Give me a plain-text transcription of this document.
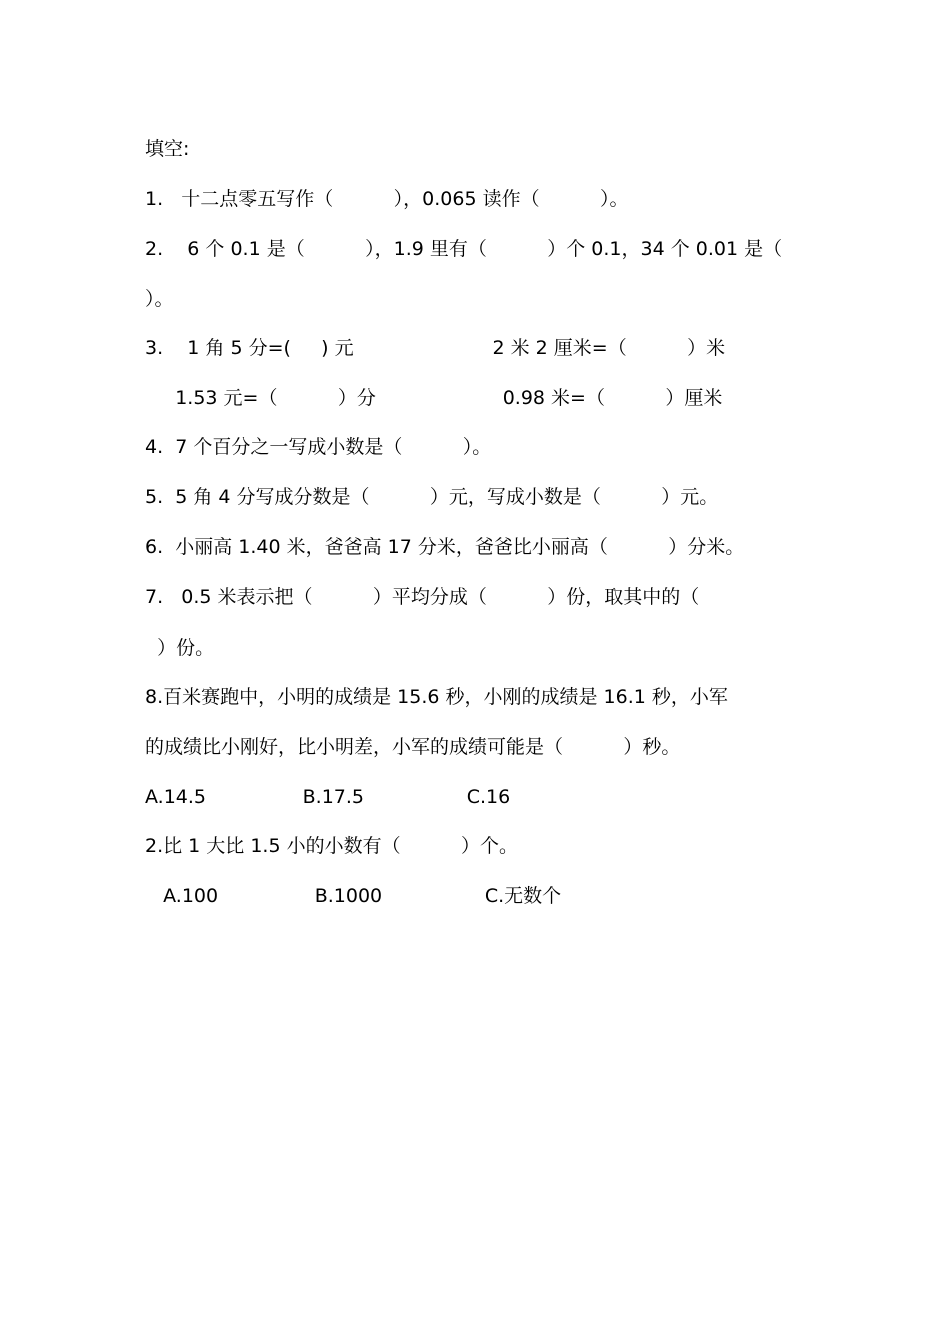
填空:
1.   十二点零五写作（          ），0.065 读作（          ）。
2.    6 个 0.1 是（          ），1.9 里有（          ）个 0.1，34 个 0.01 是（
）。
3.    1 角 5 分=(     ) 元                       2 米 2 厘米=（          ）米
1.53 元=（          ）分                     0.98 米=（          ）厘米
4.  7 个百分之一写成小数是（          ）。
5.  5 角 4 分写成分数是（          ）元，写成小数是（          ）元。
6.  小丽高 1.40 米，爸爸高 17 分米，爸爸比小丽高（          ）分米。
7.   0.5 米表示把（          ）平均分成（          ）份，取其中的（
）份。
8.百米赛跑中，小明的成绩是 15.6 秒，小刚的成绩是 16.1 秒，小军
的成绩比小刚好，比小明差，小军的成绩可能是（          ）秒。
A.14.5                B.17.5                 C.16
2.比 1 大比 1.5 小的小数有（          ）个。
A.100                B.1000                 C.无数个
